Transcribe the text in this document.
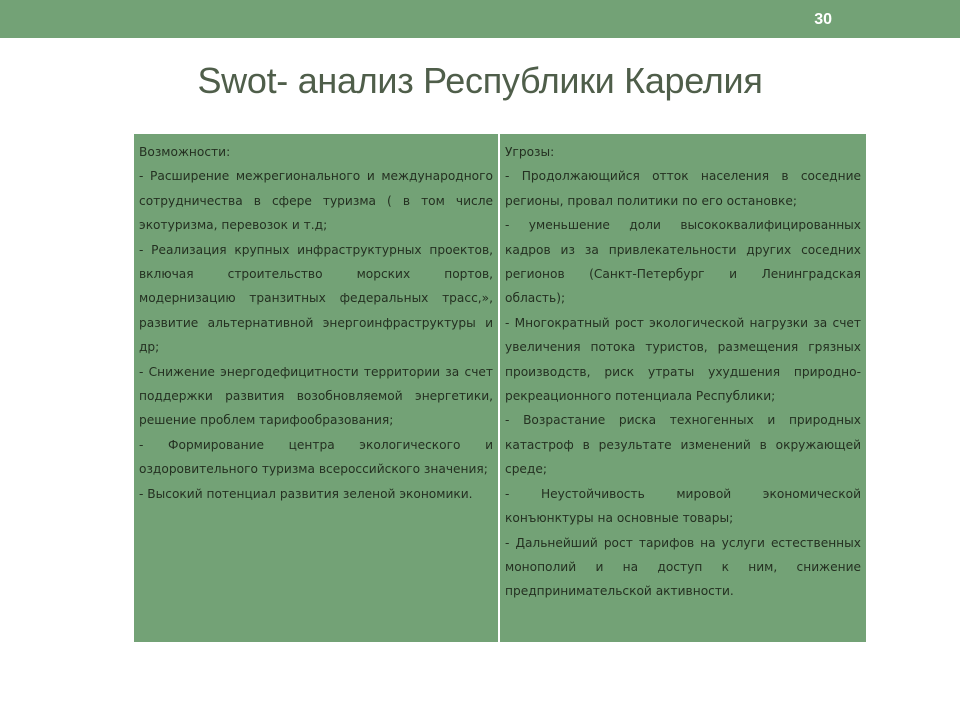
30
Swot- анализ Республики Карелия
Возможности:
- Расширение межрегионального и международного сотрудничества в сфере туризма ( в том числе экотуризма, перевозок и т.д;
- Реализация крупных инфраструктурных проектов, включая строительство морских портов, модернизацию транзитных федеральных трасс,», развитие альтернативной энергоинфраструктуры и др;
- Снижение энергодефицитности территории за счет поддержки развития возобновляемой энергетики, решение проблем тарифообразования;
- Формирование центра экологического и оздоровительного туризма всероссийского значения;
- Высокий потенциал развития зеленой экономики.
Угрозы:
- Продолжающийся отток населения в соседние регионы, провал политики по его остановке;
- уменьшение доли высококвалифицированных кадров из за привлекательности других соседних регионов (Санкт-Петербург и Ленинградская область);
- Многократный рост экологической нагрузки за счет увеличения потока туристов, размещения грязных производств, риск утраты ухудшения природно-рекреационного потенциала Республики;
- Возрастание риска техногенных и природных катастроф в результате изменений в окружающей среде;
- Неустойчивость мировой экономической конъюнктуры на основные товары;
- Дальнейший рост тарифов на услуги естественных монополий и на доступ к ним, снижение предпринимательской активности.
